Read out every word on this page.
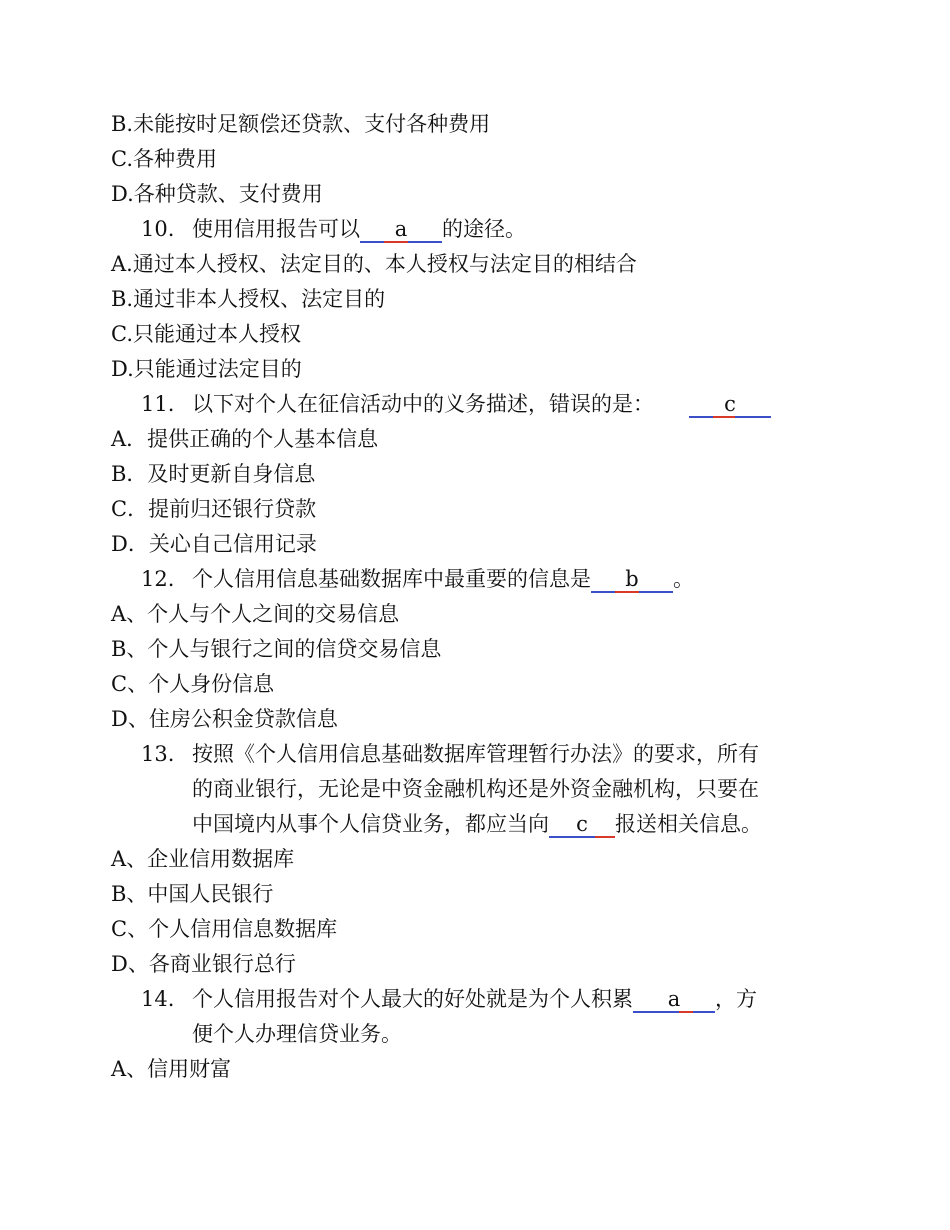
B.未能按时足额偿还贷款、支付各种费用
C.各种费用
D.各种贷款、支付费用
10. 使用信用报告可以 a 的途径。
A.通过本人授权、法定目的、本人授权与法定目的相结合
B.通过非本人授权、法定目的
C.只能通过本人授权
D.只能通过法定目的
11. 以下对个人在征信活动中的义务描述，错误的是：	c
A．提供正确的个人基本信息
B．及时更新自身信息
C．提前归还银行贷款
D．关心自己信用记录
12. 个人信用信息基础数据库中最重要的信息是 b 。
A、个人与个人之间的交易信息
B、个人与银行之间的信贷交易信息
C、个人身份信息
D、住房公积金贷款信息
13. 按照《个人信用信息基础数据库管理暂行办法》的要求，所有
的商业银行，无论是中资金融机构还是外资金融机构，只要在
中国境内从事个人信贷业务，都应当向 c 报送相关信息。
A、企业信用数据库
B、中国人民银行
C、个人信用信息数据库
D、各商业银行总行
14. 个人信用报告对个人最大的好处就是为个人积累 a ，方
便个人办理信贷业务。
A、信用财富
